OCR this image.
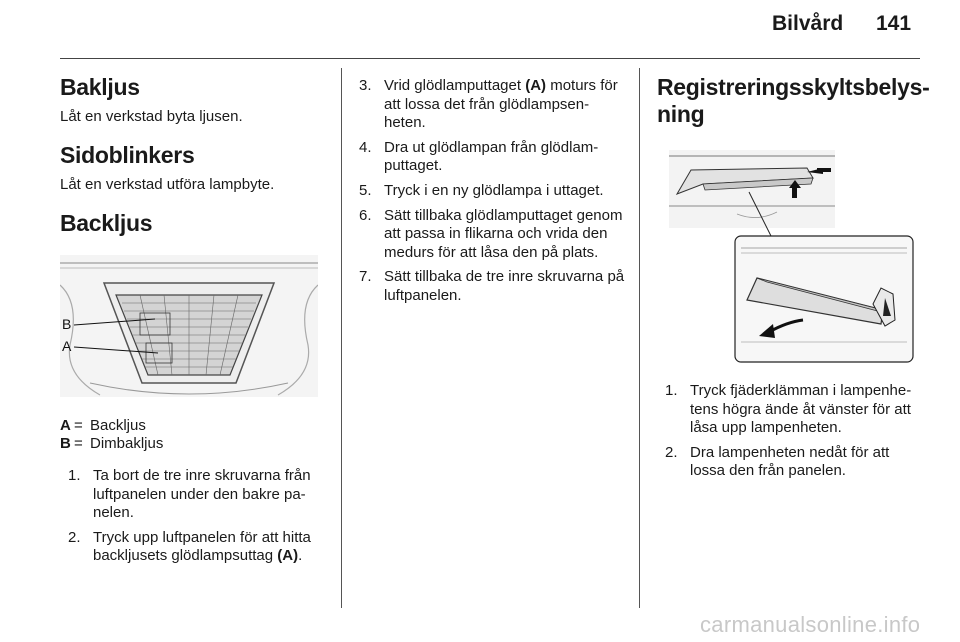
Bilvård 141
Bakljus

Låt en verkstad byta ljusen.

Sidoblinkers

Låt en verkstad utföra lampbyte.

Backljus
B
A
A = Backljus
B = Dimbakljus
1. Ta bort de tre inre skruvarna från luftpanelen under den bakre pa-nelen.
2. Tryck upp luftpanelen för att hitta backljusets glödlampsuttag (A).
3. Vrid glödlamputtaget (A) moturs för att lossa det från glödlampsen-heten.
4. Dra ut glödlampan från glödlam-puttaget.
5. Tryck i en ny glödlampa i uttaget.
6. Sätt tillbaka glödlamputtaget genom att passa in flikarna och vrida den medurs för att låsa den på plats.
7. Sätt tillbaka de tre inre skruvarna på luftpanelen.
Registreringsskyltsbelys-ning
1. Tryck fjäderklämman i lampenhe-tens högra ände åt vänster för att låsa upp lampenheten.
2. Dra lampenheten nedåt för att lossa den från panelen.
carmanualsonline.info
